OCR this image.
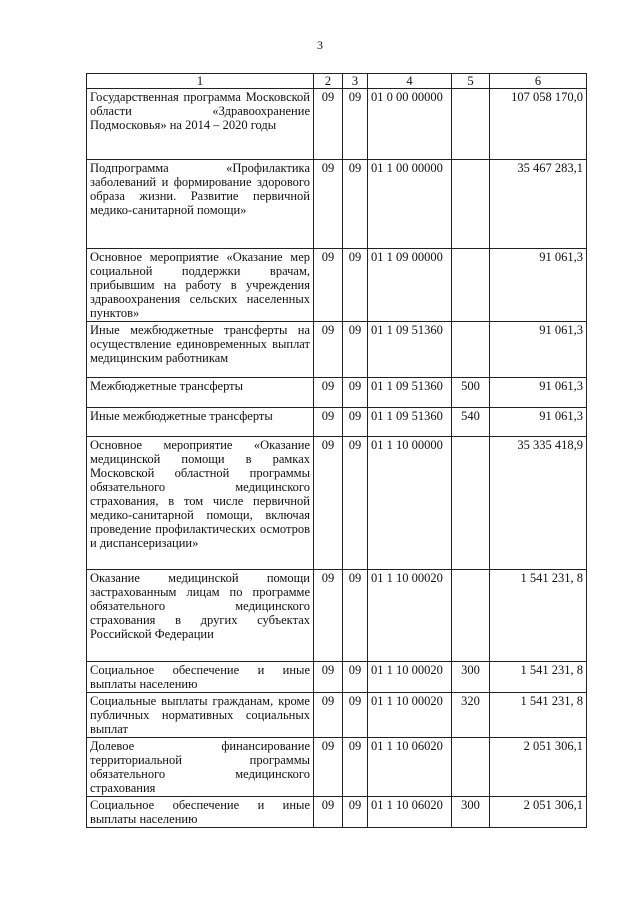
3
1	2	3	4	5	6
Государственная программа Московской области «Здравоохранение Подмосковья» на 2014 – 2020 годы	09	09	01 0 00 00000		107 058 170,0
Подпрограмма «Профилактика заболеваний и формирование здорового образа жизни. Развитие первичной медико-санитарной помощи»	09	09	01 1 00 00000		35 467 283,1
Основное мероприятие «Оказание мер социальной поддержки врачам, прибывшим на работу в учреждения здравоохранения сельских населенных пунктов»	09	09	01 1 09 00000		91 061,3
Иные межбюджетные трансферты на осуществление единовременных выплат медицинским работникам	09	09	01 1 09 51360		91 061,3
Межбюджетные трансферты	09	09	01 1 09 51360	500	91 061,3
Иные межбюджетные трансферты	09	09	01 1 09 51360	540	91 061,3
Основное мероприятие «Оказание медицинской помощи в рамках Московской областной программы обязательного медицинского страхования, в том числе первичной медико-санитарной помощи, включая проведение профилактических осмотров и диспансеризации»	09	09	01 1 10 00000		35 335 418,9
Оказание медицинской помощи застрахованным лицам по программе обязательного медицинского страхования в других субъектах Российской Федерации	09	09	01 1 10 00020		1 541 231, 8
Социальное обеспечение и иные выплаты населению	09	09	01 1 10 00020	300	1 541 231, 8
Социальные выплаты гражданам, кроме публичных нормативных социальных выплат	09	09	01 1 10 00020	320	1 541 231, 8
Долевое финансирование территориальной программы обязательного медицинского страхования	09	09	01 1 10 06020		2 051 306,1
Социальное обеспечение и иные выплаты населению	09	09	01 1 10 06020	300	2 051 306,1
